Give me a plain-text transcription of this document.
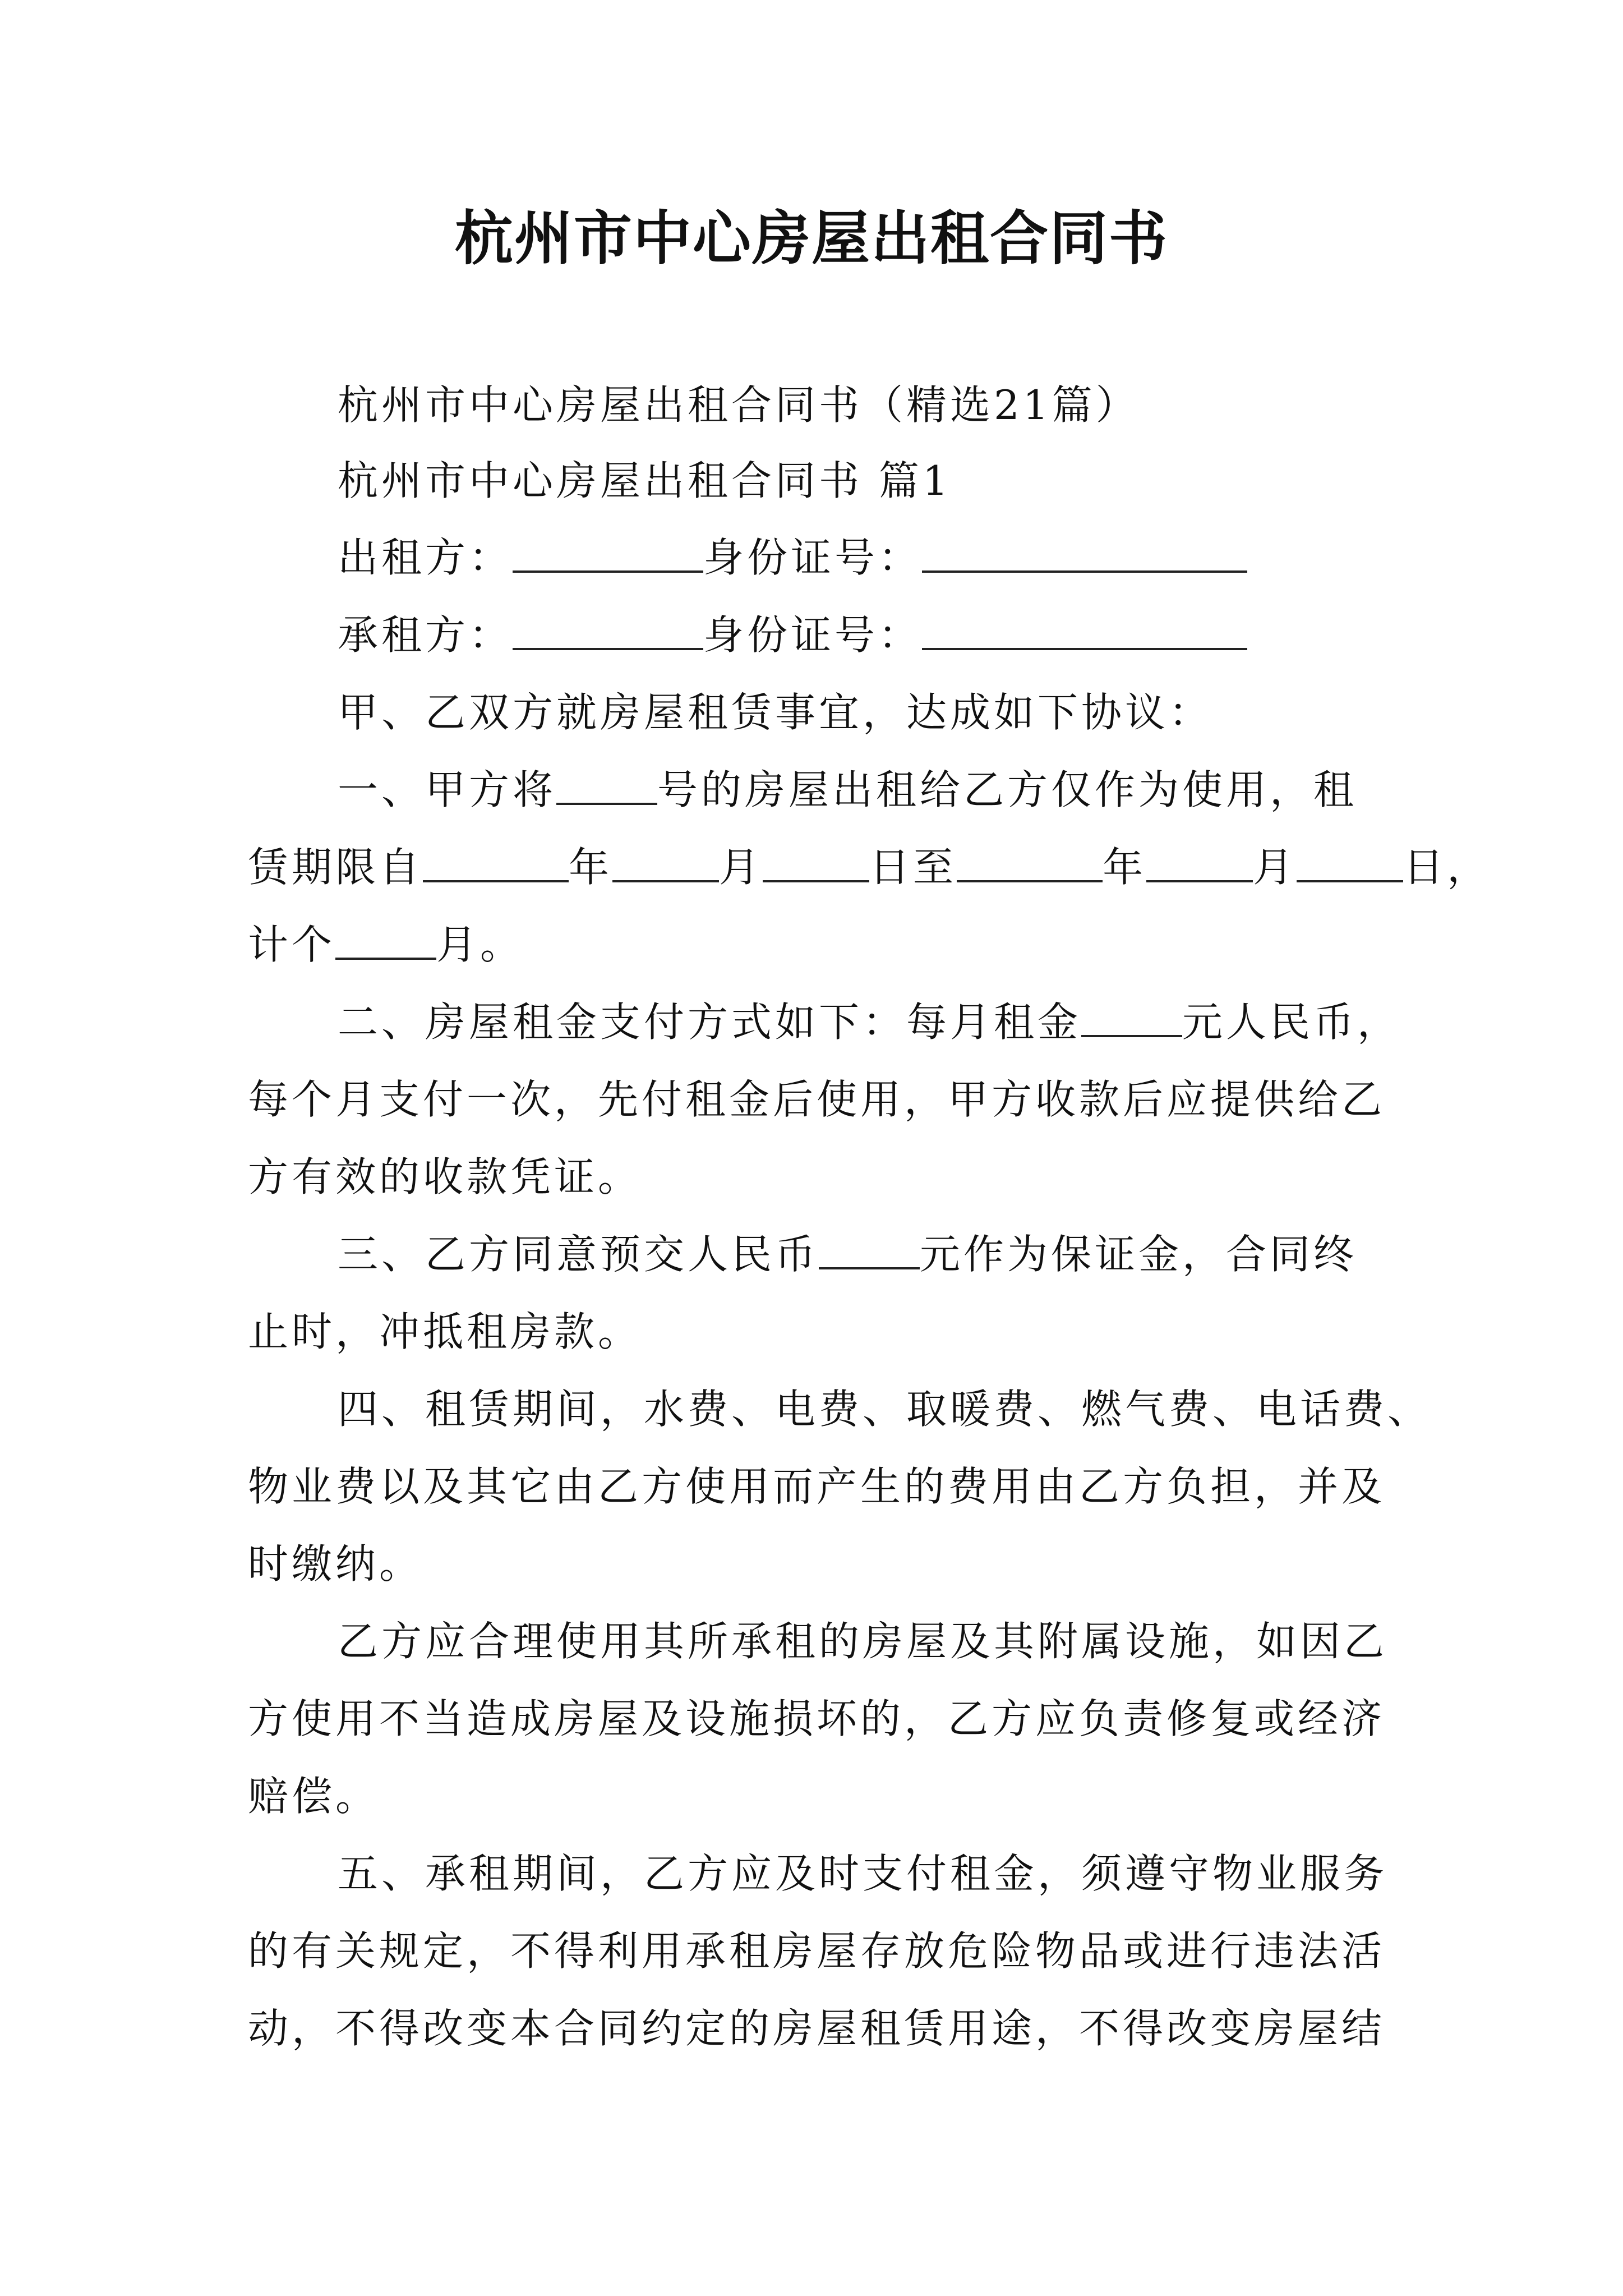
杭州市中心房屋出租合同书
杭州市中心房屋出租合同书（精选21篇）
杭州市中心房屋出租合同书 篇1
出租方：	身份证号：
承租方：	身份证号：
甲、乙双方就房屋租赁事宜，达成如下协议：
一、甲方将	号的房屋出租给乙方仅作为使用，租
赁期限自	年	月	日至	年	月	日，
计个	月。
二、房屋租金支付方式如下：每月租金	元人民币，
每个月支付一次，先付租金后使用，甲方收款后应提供给乙
方有效的收款凭证。
三、乙方同意预交人民币	元作为保证金，合同终
止时，冲抵租房款。
四、租赁期间，水费、电费、取暖费、燃气费、电话费、
物业费以及其它由乙方使用而产生的费用由乙方负担，并及
时缴纳。
乙方应合理使用其所承租的房屋及其附属设施，如因乙
方使用不当造成房屋及设施损坏的，乙方应负责修复或经济
赔偿。
五、承租期间，乙方应及时支付租金，须遵守物业服务
的有关规定，不得利用承租房屋存放危险物品或进行违法活
动，不得改变本合同约定的房屋租赁用途，不得改变房屋结
